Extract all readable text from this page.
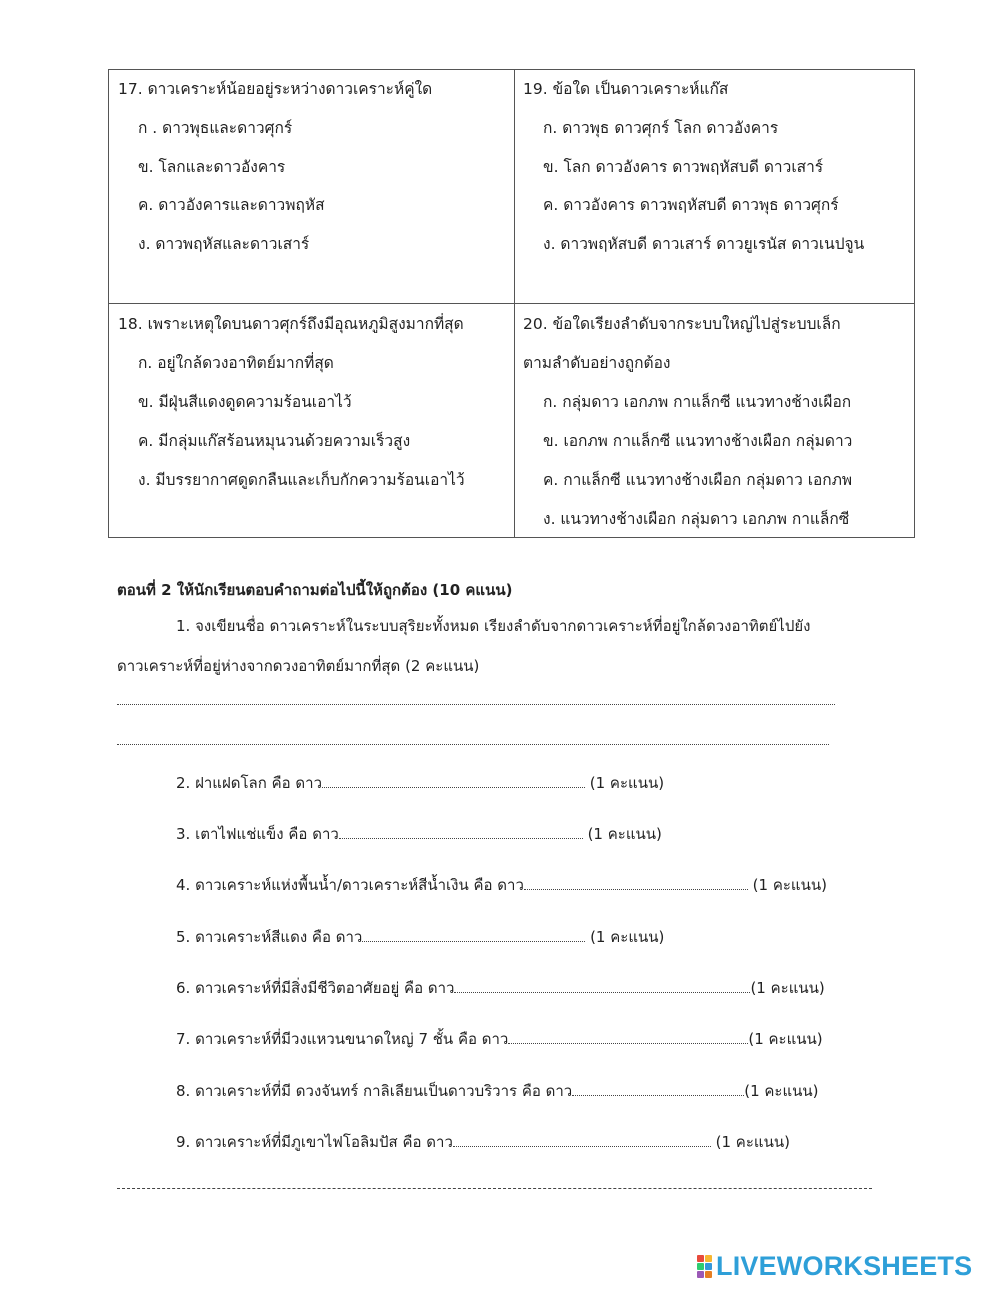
17. ดาวเคราะห์น้อยอยู่ระหว่างดาวเคราะห์คู่ใด
ก . ดาวพุธและดาวศุกร์
ข. โลกและดาวอังคาร
ค. ดาวอังคารและดาวพฤหัส
ง. ดาวพฤหัสและดาวเสาร์
19. ข้อใด เป็นดาวเคราะห์แก๊ส
ก. ดาวพุธ ดาวศุกร์ โลก ดาวอังคาร
ข. โลก ดาวอังคาร ดาวพฤหัสบดี ดาวเสาร์
ค. ดาวอังคาร ดาวพฤหัสบดี ดาวพุธ ดาวศุกร์
ง. ดาวพฤหัสบดี ดาวเสาร์ ดาวยูเรนัส ดาวเนปจูน
18. เพราะเหตุใดบนดาวศุกร์ถึงมีอุณหภูมิสูงมากที่สุด
ก. อยู่ใกล้ดวงอาทิตย์มากที่สุด
ข. มีฝุ่นสีแดงดูดความร้อนเอาไว้
ค. มีกลุ่มแก๊สร้อนหมุนวนด้วยความเร็วสูง
ง. มีบรรยากาศดูดกลืนและเก็บกักความร้อนเอาไว้
20. ข้อใดเรียงลำดับจากระบบใหญ่ไปสู่ระบบเล็ก
ตามลำดับอย่างถูกต้อง
ก. กลุ่มดาว เอกภพ กาแล็กซี แนวทางช้างเผือก
ข. เอกภพ กาแล็กซี แนวทางช้างเผือก กลุ่มดาว
ค. กาแล็กซี แนวทางช้างเผือก กลุ่มดาว เอกภพ
ง. แนวทางช้างเผือก กลุ่มดาว เอกภพ กาแล็กซี
ตอนที่ 2 ให้นักเรียนตอบคำถามต่อไปนี้ให้ถูกต้อง (10 คแนน)
1. จงเขียนชื่อ ดาวเคราะห์ในระบบสุริยะทั้งหมด เรียงลำดับจากดาวเคราะห์ที่อยู่ใกล้ดวงอาทิตย์ไปยัง
ดาวเคราะห์ที่อยู่ห่างจากดวงอาทิตย์มากที่สุด (2 คะแนน)
2. ฝาแฝดโลก คือ ดาว	(1 คะแนน)
3. เตาไฟแช่แข็ง คือ ดาว	(1 คะแนน)
4. ดาวเคราะห์แห่งพื้นน้ำ/ดาวเคราะห์สีน้ำเงิน คือ ดาว	(1 คะแนน)
5. ดาวเคราะห์สีแดง คือ ดาว	(1 คะแนน)
6. ดาวเคราะห์ที่มีสิ่งมีชีวิตอาศัยอยู่ คือ ดาว	(1 คะแนน)
7. ดาวเคราะห์ที่มีวงแหวนขนาดใหญ่ 7 ชั้น คือ ดาว	(1 คะแนน)
8. ดาวเคราะห์ที่มี ดวงจันทร์ กาลิเลียนเป็นดาวบริวาร คือ ดาว	(1 คะแนน)
9. ดาวเคราะห์ที่มีภูเขาไฟโอลิมปัส คือ ดาว	(1 คะแนน)
LIVEWORKSHEETS
